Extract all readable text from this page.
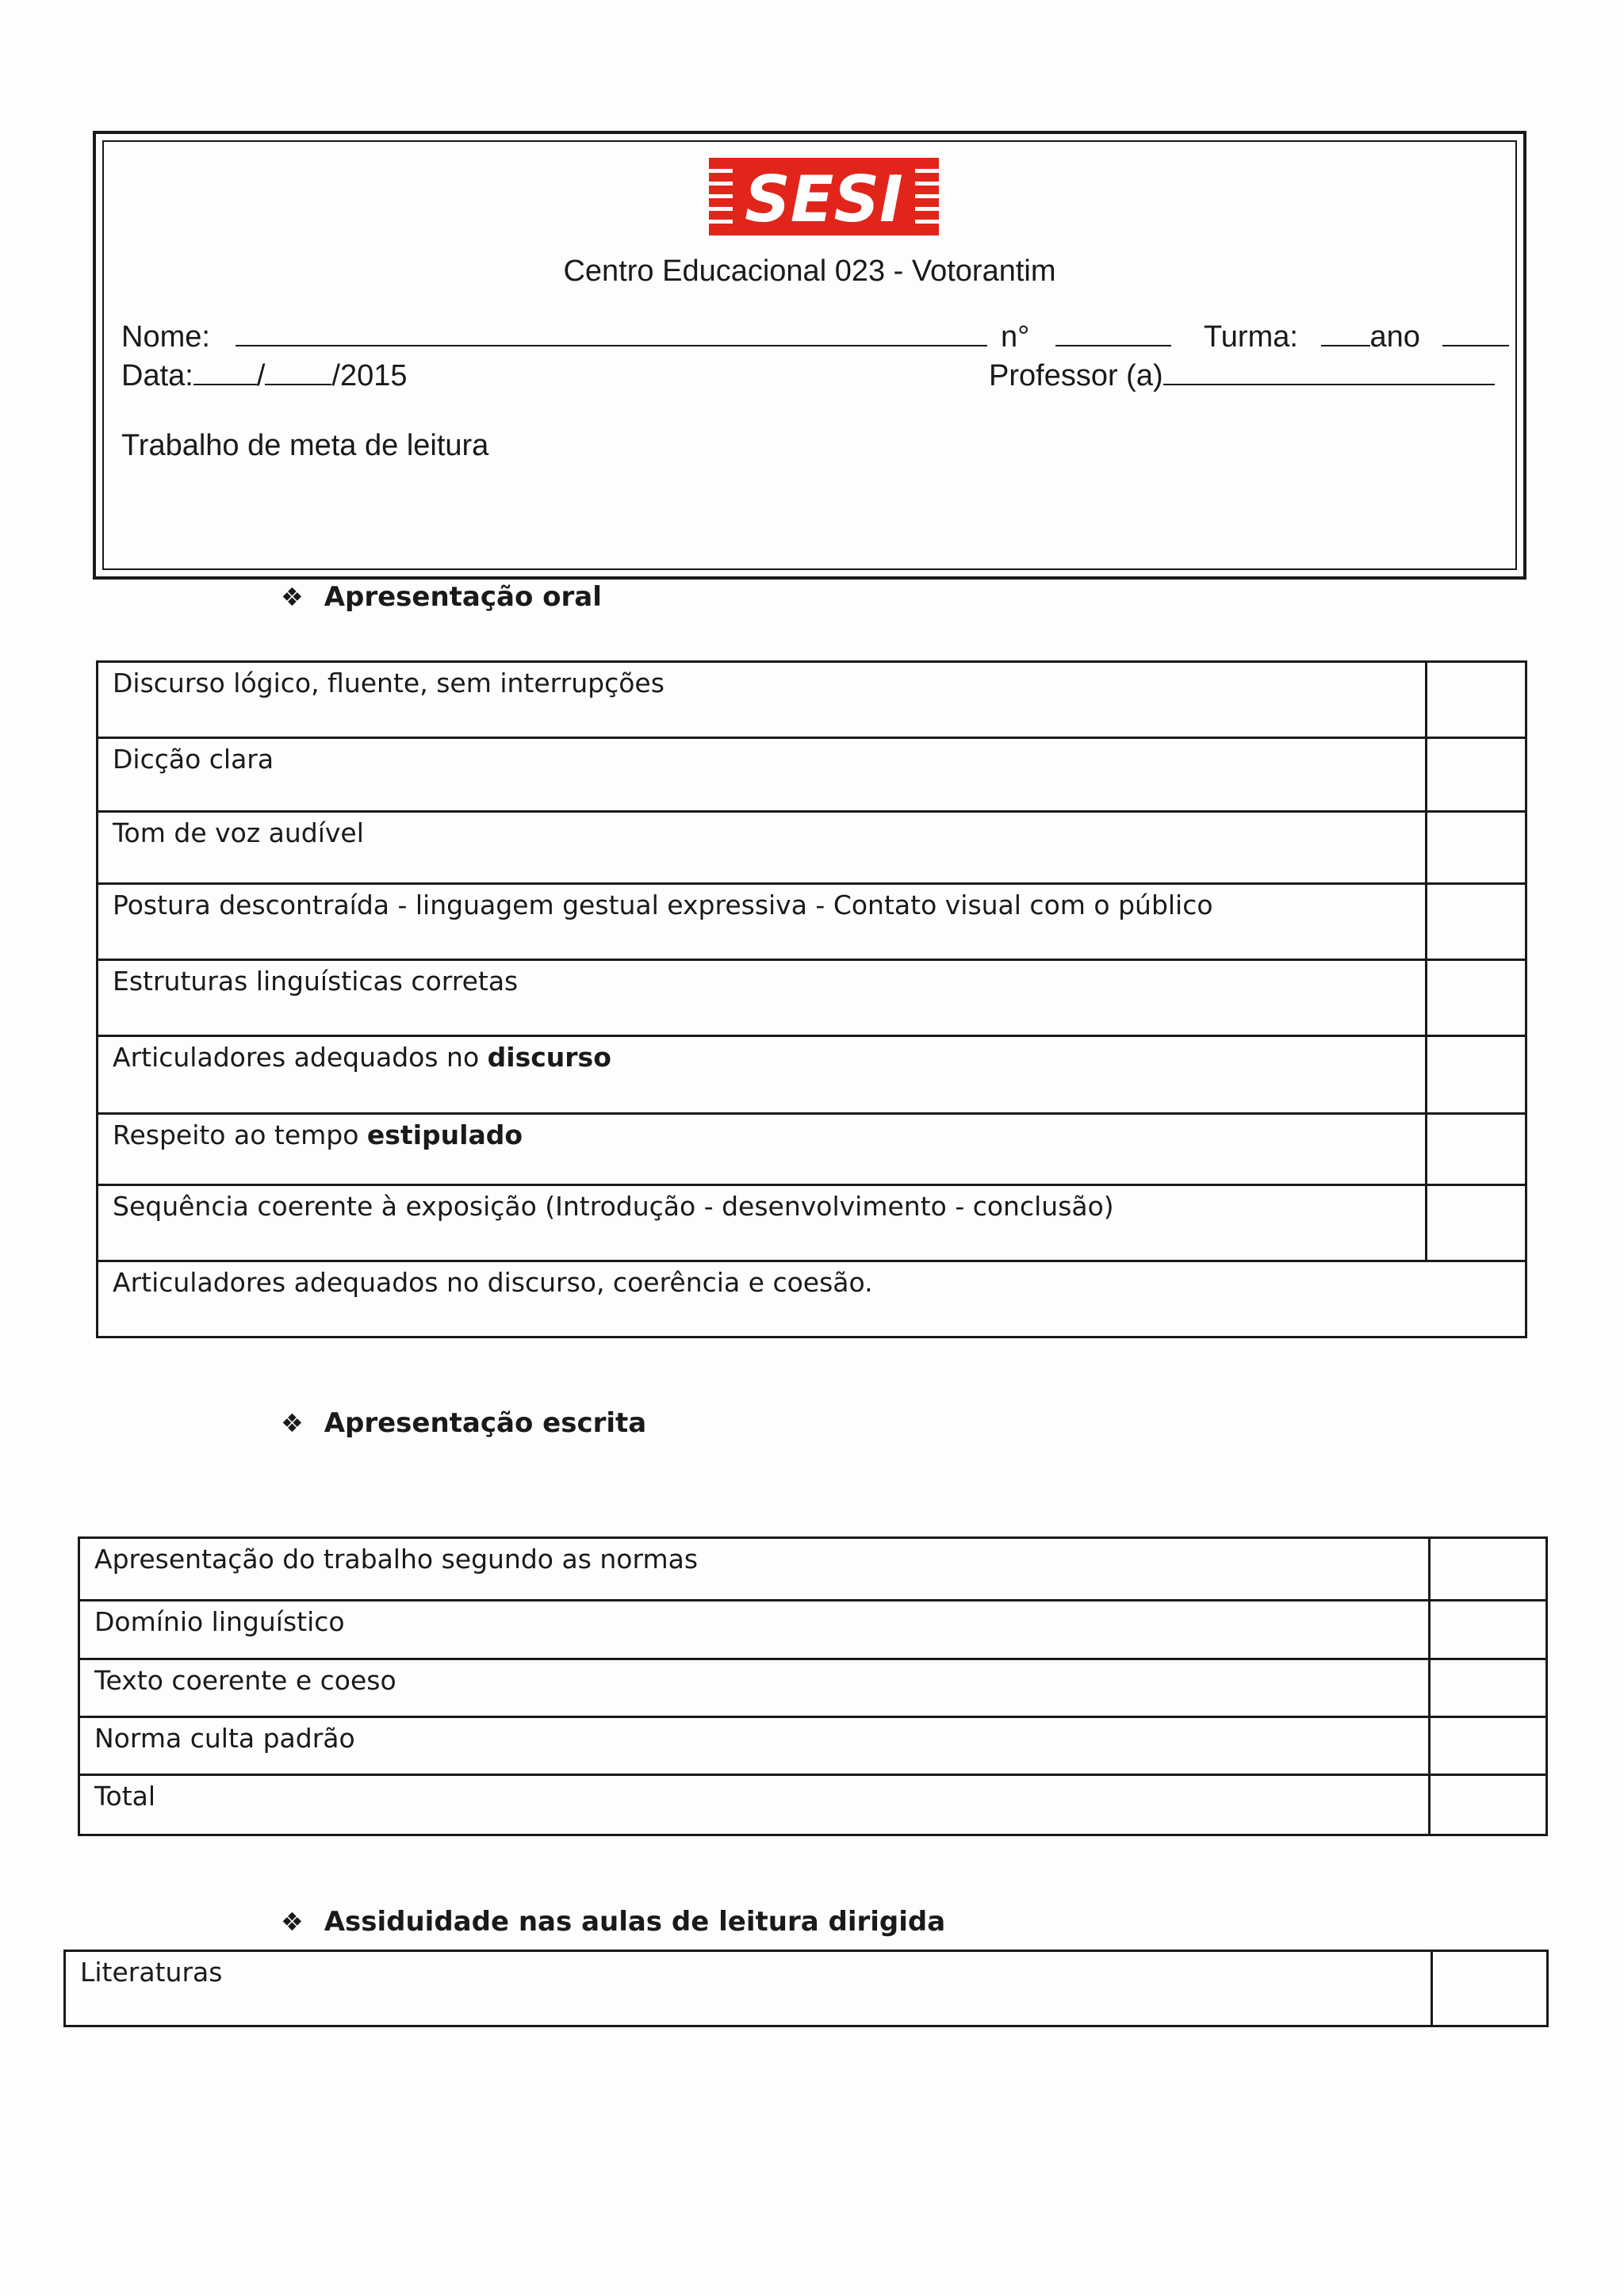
SESI
Centro Educacional 023 - Votorantim
Nome:	n°	Turma: ano
Data: / /2015	Professor (a)
Trabalho de meta de leitura
❖ Apresentação oral
Discurso lógico, fluente, sem interrupções	
Dicção clara	
Tom de voz audível	
Postura descontraída - linguagem gestual expressiva - Contato visual com o público	
Estruturas linguísticas corretas	
Articuladores adequados no discurso	
Respeito ao tempo estipulado	
Sequência coerente à exposição (Introdução - desenvolvimento - conclusão)	
Articuladores adequados no discurso, coerência e coesão.	
❖ Apresentação escrita
Apresentação do trabalho segundo as normas	
Domínio linguístico	
Texto coerente e coeso	
Norma culta padrão	
Total	
❖ Assiduidade nas aulas de leitura dirigida
Literaturas	
